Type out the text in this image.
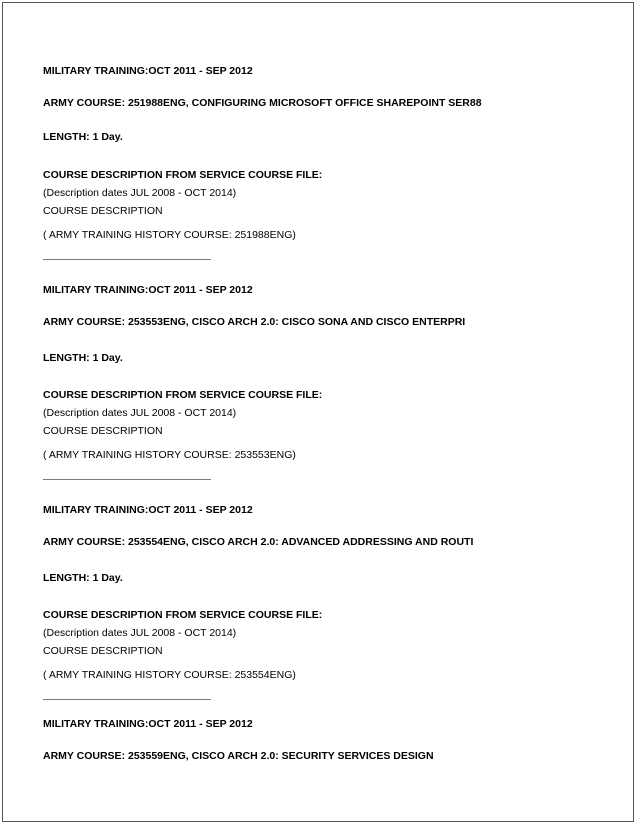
MILITARY TRAINING:OCT 2011 - SEP 2012
ARMY COURSE: 251988ENG, CONFIGURING MICROSOFT OFFICE SHAREPOINT SER88
LENGTH: 1 Day.
COURSE DESCRIPTION FROM SERVICE COURSE FILE:
(Description dates JUL 2008 - OCT 2014)
COURSE DESCRIPTION
( ARMY TRAINING HISTORY COURSE: 251988ENG)
MILITARY TRAINING:OCT 2011 - SEP 2012
ARMY COURSE: 253553ENG, CISCO ARCH 2.0: CISCO SONA AND CISCO ENTERPRI
LENGTH: 1 Day.
COURSE DESCRIPTION FROM SERVICE COURSE FILE:
(Description dates JUL 2008 - OCT 2014)
COURSE DESCRIPTION
( ARMY TRAINING HISTORY COURSE: 253553ENG)
MILITARY TRAINING:OCT 2011 - SEP 2012
ARMY COURSE: 253554ENG, CISCO ARCH 2.0: ADVANCED ADDRESSING AND ROUTI
LENGTH: 1 Day.
COURSE DESCRIPTION FROM SERVICE COURSE FILE:
(Description dates JUL 2008 - OCT 2014)
COURSE DESCRIPTION
( ARMY TRAINING HISTORY COURSE: 253554ENG)
MILITARY TRAINING:OCT 2011 - SEP 2012
ARMY COURSE: 253559ENG, CISCO ARCH 2.0: SECURITY SERVICES DESIGN
